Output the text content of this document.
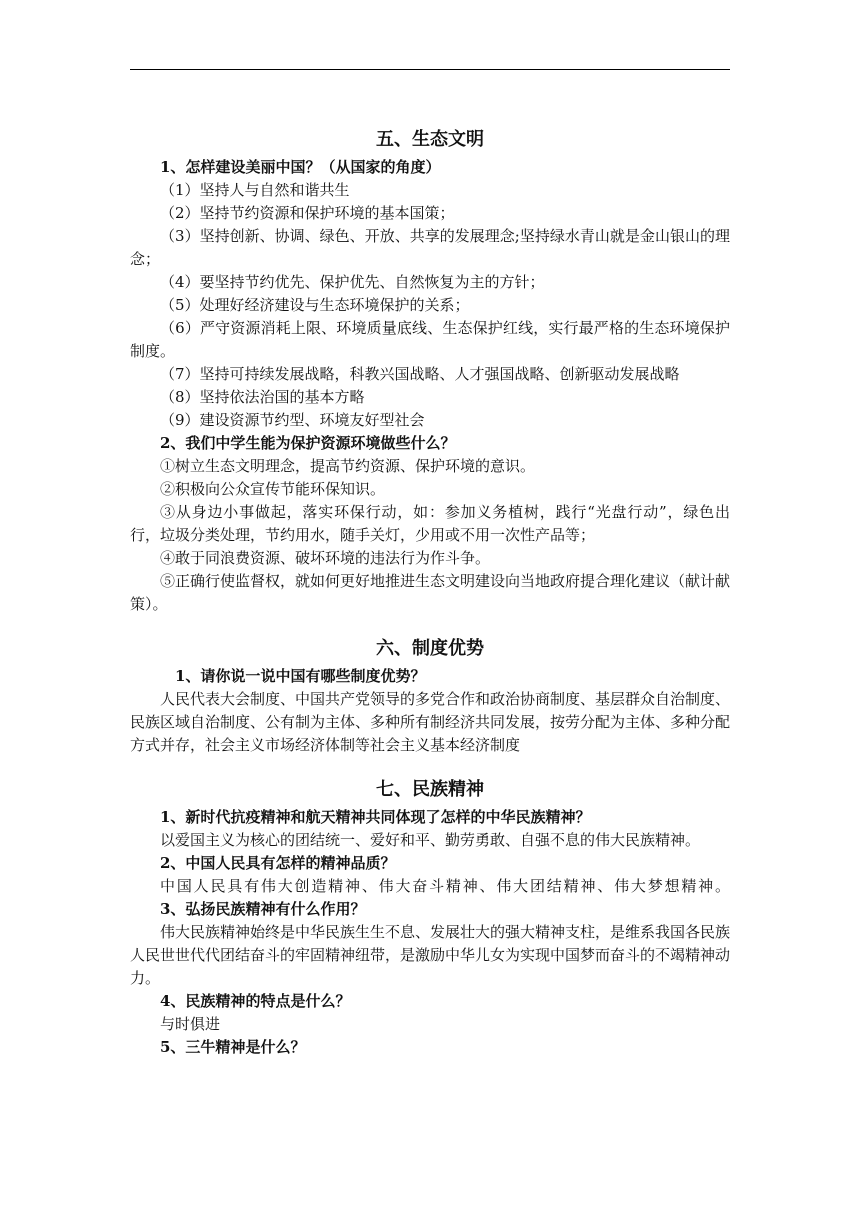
五、生态文明
1、怎样建设美丽中国？（从国家的角度）
（1）坚持人与自然和谐共生
（2）坚持节约资源和保护环境的基本国策；
（3）坚持创新、协调、绿色、开放、共享的发展理念;坚持绿水青山就是金山银山的理念；
（4）要坚持节约优先、保护优先、自然恢复为主的方针；
（5）处理好经济建设与生态环境保护的关系；
（6）严守资源消耗上限、环境质量底线、生态保护红线，实行最严格的生态环境保护制度。
（7）坚持可持续发展战略，科教兴国战略、人才强国战略、创新驱动发展战略
（8）坚持依法治国的基本方略
（9）建设资源节约型、环境友好型社会
2、我们中学生能为保护资源环境做些什么？
①树立生态文明理念，提高节约资源、保护环境的意识。
②积极向公众宣传节能环保知识。
③从身边小事做起，落实环保行动，如：参加义务植树，践行“光盘行动”，绿色出行，垃圾分类处理，节约用水，随手关灯，少用或不用一次性产品等；
④敢于同浪费资源、破坏环境的违法行为作斗争。
⑤正确行使监督权，就如何更好地推进生态文明建设向当地政府提合理化建议（献计献策）。
六、制度优势
1、请你说一说中国有哪些制度优势？
人民代表大会制度、中国共产党领导的多党合作和政治协商制度、基层群众自治制度、民族区域自治制度、公有制为主体、多种所有制经济共同发展，按劳分配为主体、多种分配方式并存，社会主义市场经济体制等社会主义基本经济制度
七、民族精神
1、新时代抗疫精神和航天精神共同体现了怎样的中华民族精神？
以爱国主义为核心的团结统一、爱好和平、勤劳勇敢、自强不息的伟大民族精神。
2、中国人民具有怎样的精神品质？
中国人民具有伟大创造精神、伟大奋斗精神、伟大团结精神、伟大梦想精神。
3、弘扬民族精神有什么作用？
伟大民族精神始终是中华民族生生不息、发展壮大的强大精神支柱，是维系我国各民族人民世世代代团结奋斗的牢固精神纽带，是激励中华儿女为实现中国梦而奋斗的不竭精神动力。
4、民族精神的特点是什么？
与时俱进
5、三牛精神是什么？
